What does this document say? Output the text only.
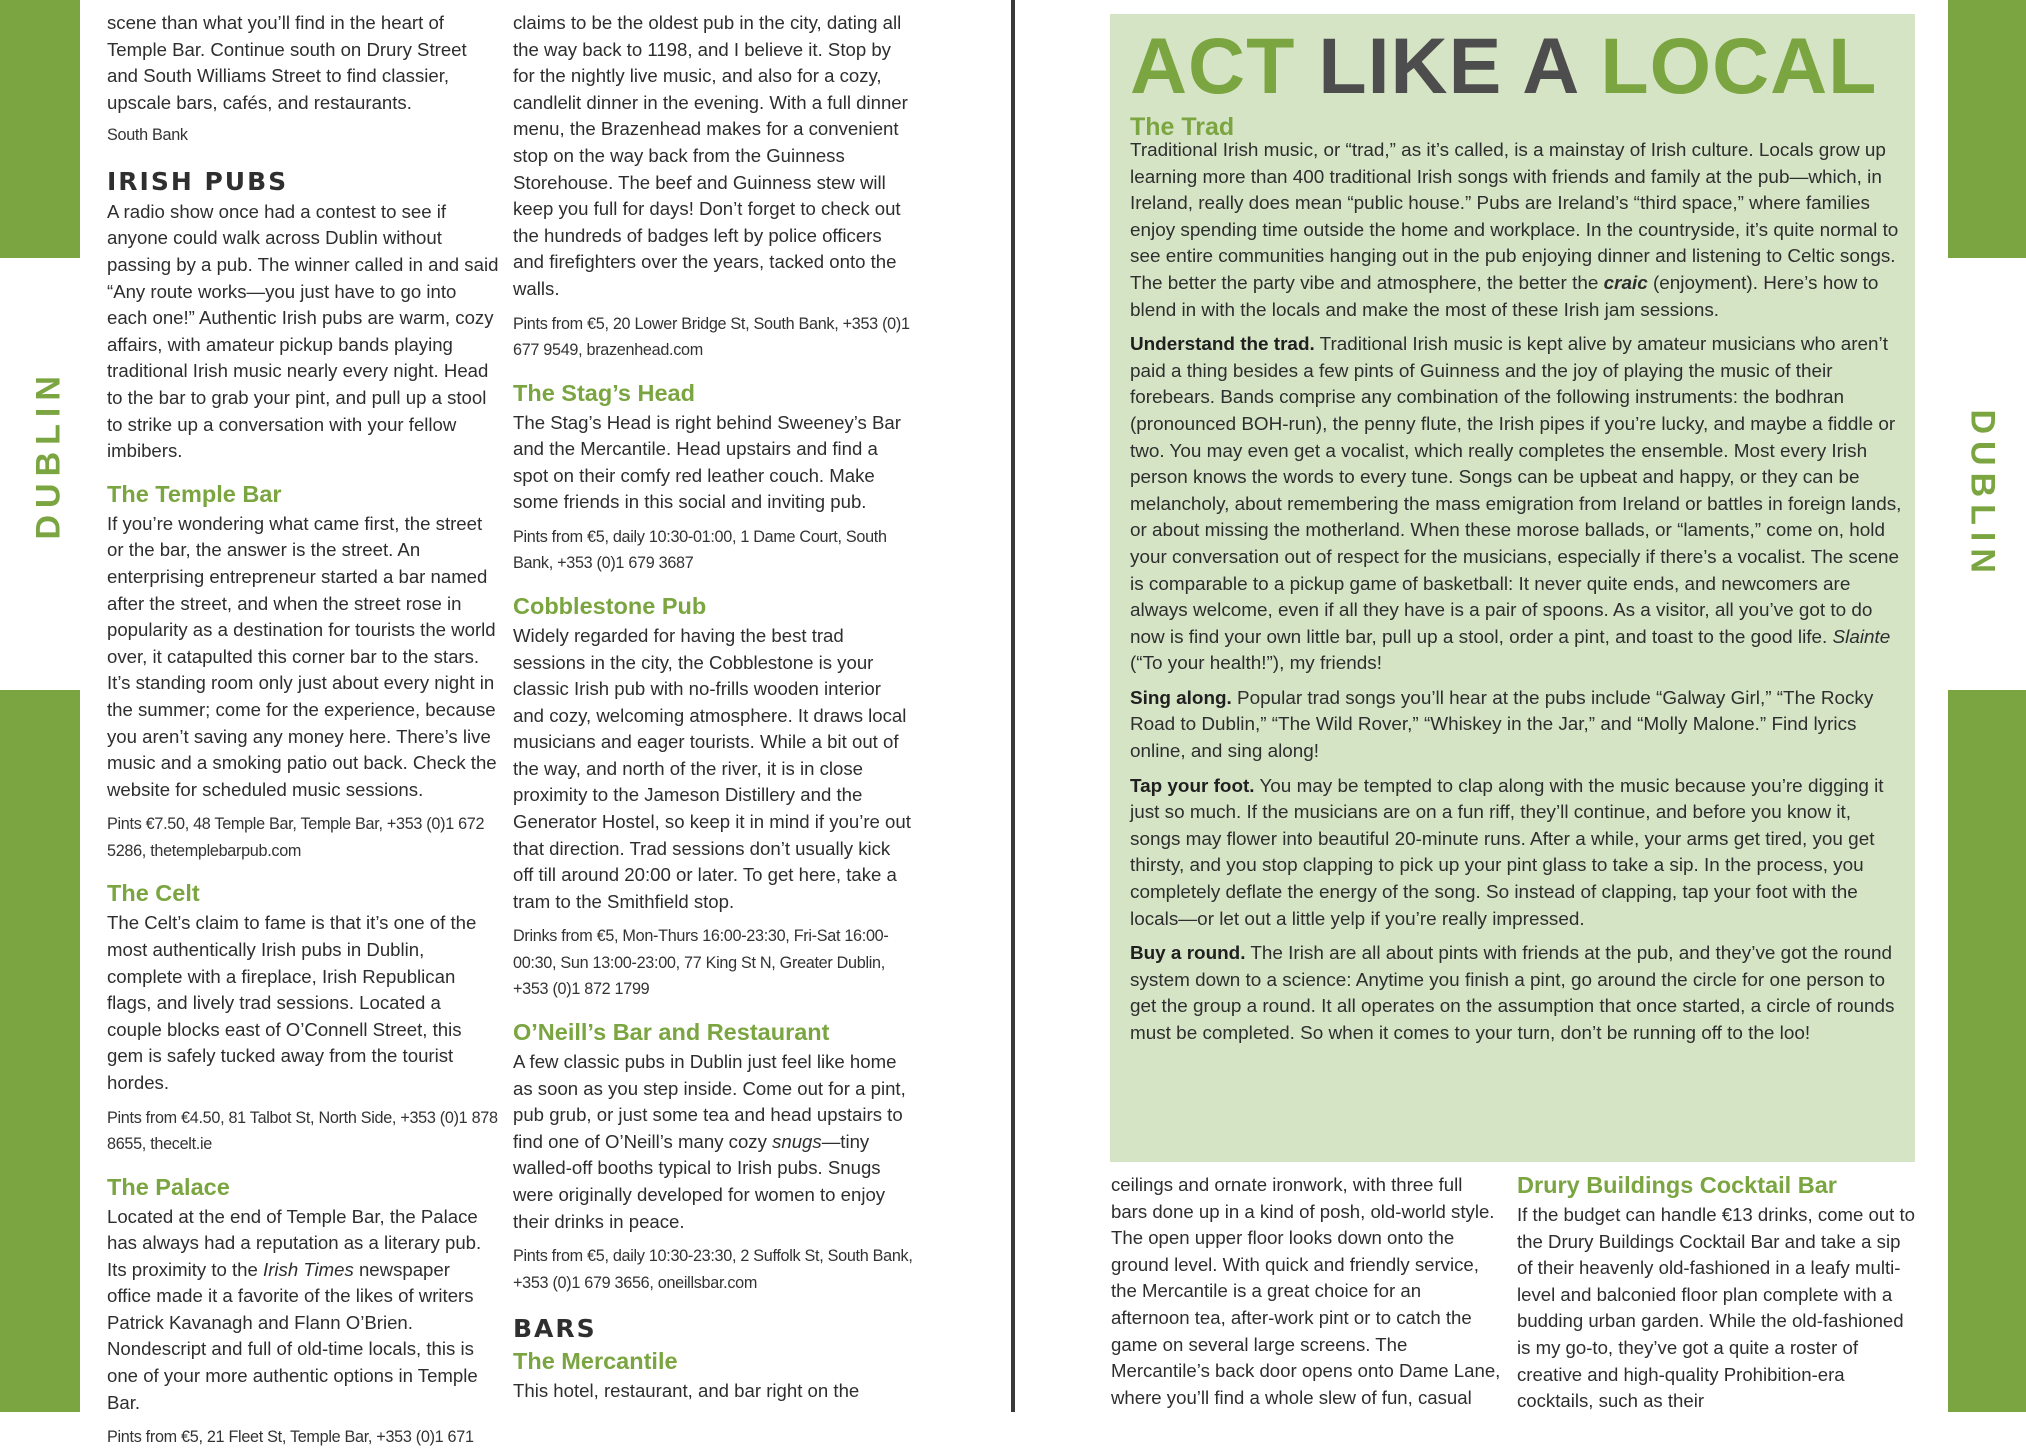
DUBLIN	DUBLIN

scene than what you’ll find in the heart of Temple Bar. Continue south on Drury Street and South Williams Street to find classier, upscale bars, cafés, and restaurants.

South Bank
IRISH PUBS

A radio show once had a contest to see if anyone could walk across Dublin without passing by a pub. The winner called in and said “Any route works—you just have to go into each one!” Authentic Irish pubs are warm, cozy affairs, with amateur pickup bands playing traditional Irish music nearly every night. Head to the bar to grab your pint, and pull up a stool to strike up a conversation with your fellow imbibers.

The Temple Bar

If you’re wondering what came first, the street or the bar, the answer is the street. An enterprising entrepreneur started a bar named after the street, and when the street rose in popularity as a destination for tourists the world over, it catapulted this corner bar to the stars. It’s standing room only just about every night in the summer; come for the experience, because you aren’t saving any money here. There’s live music and a smoking patio out back. Check the website for scheduled music sessions.

Pints €7.50, 48 Temple Bar, Temple Bar, +353 (0)1 672 5286, thetemplebarpub.com
The Celt

The Celt’s claim to fame is that it’s one of the most authentically Irish pubs in Dublin, complete with a fireplace, Irish Republican flags, and lively trad sessions. Located a couple blocks east of O’Connell Street, this gem is safely tucked away from the tourist hordes.

Pints from €4.50, 81 Talbot St, North Side, +353 (0)1 878 8655, thecelt.ie
The Palace

Located at the end of Temple Bar, the Palace has always had a reputation as a literary pub. Its proximity to the Irish Times newspaper office made it a favorite of the likes of writers Patrick Kavanagh and Flann O’Brien. Nondescript and full of old-time locals, this is one of your more authentic options in Temple Bar.

Pints from €5, 21 Fleet St, Temple Bar, +353 (0)1 671

claims to be the oldest pub in the city, dating all the way back to 1198, and I believe it. Stop by for the nightly live music, and also for a cozy, candlelit dinner in the evening. With a full dinner menu, the Brazenhead makes for a convenient stop on the way back from the Guinness Storehouse. The beef and Guinness stew will keep you full for days! Don’t forget to check out the hundreds of badges left by police officers and firefighters over the years, tacked onto the walls.

Pints from €5, 20 Lower Bridge St, South Bank, +353 (0)1 677 9549, brazenhead.com
The Stag’s Head

The Stag’s Head is right behind Sweeney’s Bar and the Mercantile. Head upstairs and find a spot on their comfy red leather couch. Make some friends in this social and inviting pub.

Pints from €5, daily 10:30-01:00, 1 Dame Court, South Bank, +353 (0)1 679 3687
Cobblestone Pub

Widely regarded for having the best trad sessions in the city, the Cobblestone is your classic Irish pub with no-frills wooden interior and cozy, welcoming atmosphere. It draws local musicians and eager tourists. While a bit out of the way, and north of the river, it is in close proximity to the Jameson Distillery and the Generator Hostel, so keep it in mind if you’re out that direction. Trad sessions don’t usually kick off till around 20:00 or later. To get here, take a tram to the Smithfield stop.

Drinks from €5, Mon-Thurs 16:00-23:30, Fri-Sat 16:00-00:30, Sun 13:00-23:00, 77 King St N, Greater Dublin, +353 (0)1 872 1799
O’Neill’s Bar and Restaurant

A few classic pubs in Dublin just feel like home as soon as you step inside. Come out for a pint, pub grub, or just some tea and head upstairs to find one of O’Neill’s many cozy snugs—tiny walled-off booths typical to Irish pubs. Snugs were originally developed for women to enjoy their drinks in peace.

Pints from €5, daily 10:30-23:30, 2 Suffolk St, South Bank, +353 (0)1 679 3656, oneillsbar.com
BARS
The Mercantile

This hotel, restaurant, and bar right on the

ACT LIKE A LOCAL
The Trad

Traditional Irish music, or “trad,” as it’s called, is a mainstay of Irish culture. Locals grow up learning more than 400 traditional Irish songs with friends and family at the pub—which, in Ireland, really does mean “public house.” Pubs are Ireland’s “third space,” where families enjoy spending time outside the home and workplace. In the countryside, it’s quite normal to see entire communities hanging out in the pub enjoying dinner and listening to Celtic songs. The better the party vibe and atmosphere, the better the craic (enjoyment). Here’s how to blend in with the locals and make the most of these Irish jam sessions.

Understand the trad. Traditional Irish music is kept alive by amateur musicians who aren’t paid a thing besides a few pints of Guinness and the joy of playing the music of their forebears. Bands comprise any combination of the following instruments: the bodhran (pronounced BOH-run), the penny flute, the Irish pipes if you’re lucky, and maybe a fiddle or two. You may even get a vocalist, which really completes the ensemble. Most every Irish person knows the words to every tune. Songs can be upbeat and happy, or they can be melancholy, about remembering the mass emigration from Ireland or battles in foreign lands, or about missing the motherland. When these morose ballads, or “laments,” come on, hold your conversation out of respect for the musicians, especially if there’s a vocalist. The scene is comparable to a pickup game of basketball: It never quite ends, and newcomers are always welcome, even if all they have is a pair of spoons. As a visitor, all you’ve got to do now is find your own little bar, pull up a stool, order a pint, and toast to the good life. Slainte (“To your health!”), my friends!

Sing along. Popular trad songs you’ll hear at the pubs include “Galway Girl,” “The Rocky Road to Dublin,” “The Wild Rover,” “Whiskey in the Jar,” and “Molly Malone.” Find lyrics online, and sing along!

Tap your foot. You may be tempted to clap along with the music because you’re digging it just so much. If the musicians are on a fun riff, they’ll continue, and before you know it, songs may flower into beautiful 20-minute runs. After a while, your arms get tired, you get thirsty, and you stop clapping to pick up your pint glass to take a sip. In the process, you completely deflate the energy of the song. So instead of clapping, tap your foot with the locals—or let out a little yelp if you’re really impressed.

Buy a round. The Irish are all about pints with friends at the pub, and they’ve got the round system down to a science: Anytime you finish a pint, go around the circle for one person to get the group a round. It all operates on the assumption that once started, a circle of rounds must be completed. So when it comes to your turn, don’t be running off to the loo!

ceilings and ornate ironwork, with three full bars done up in a kind of posh, old-world style. The open upper floor looks down onto the ground level. With quick and friendly service, the Mercantile is a great choice for an afternoon tea, after-work pint or to catch the game on several large screens. The Mercantile’s back door opens onto Dame Lane, where you’ll find a whole slew of fun, casual

Drury Buildings Cocktail Bar

If the budget can handle €13 drinks, come out to the Drury Buildings Cocktail Bar and take a sip of their heavenly old-fashioned in a leafy multi-level and balconied floor plan complete with a budding urban garden. While the old-fashioned is my go-to, they’ve got a quite a roster of creative and high-quality Prohibition-era cocktails, such as their
